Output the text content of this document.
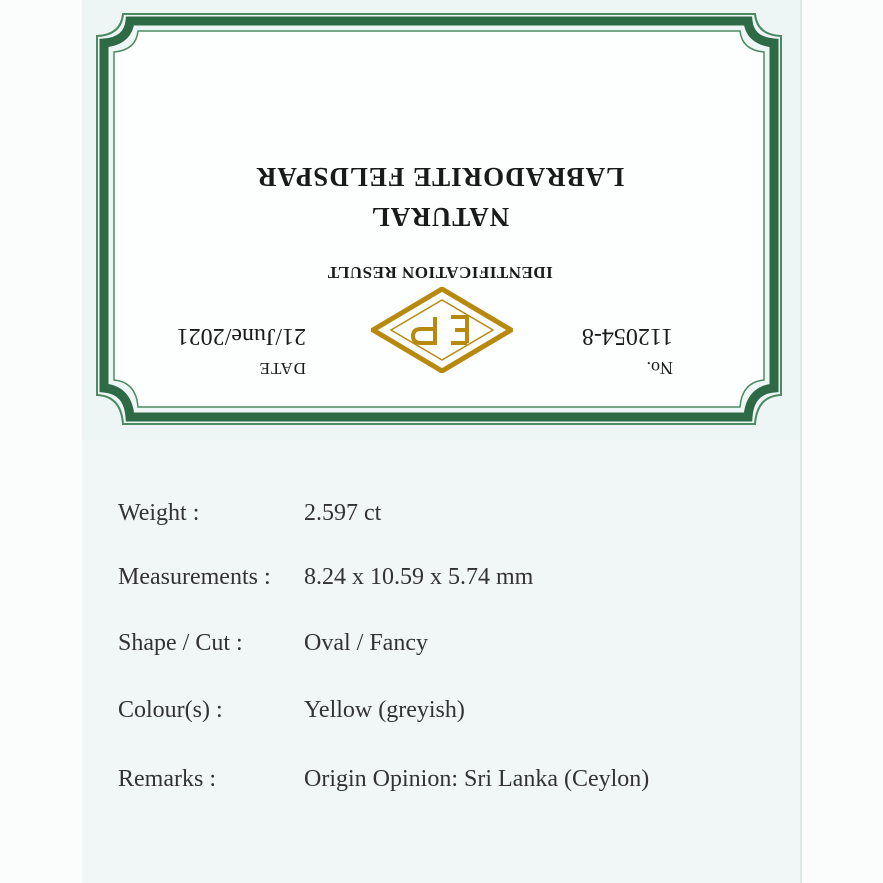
NATURAL
LABRADORITE FELDSPAR
IDENTIFICATION RESULT
No.
112054-8
DATE
21/June/2021	EP
Weight :	2.597 ct
Measurements : 8.24 x 10.59 x 5.74 mm
Shape / Cut :	Oval / Fancy
Colour(s) :	Yellow (greyish)
Remarks :	Origin Opinion: Sri Lanka (Ceylon)
